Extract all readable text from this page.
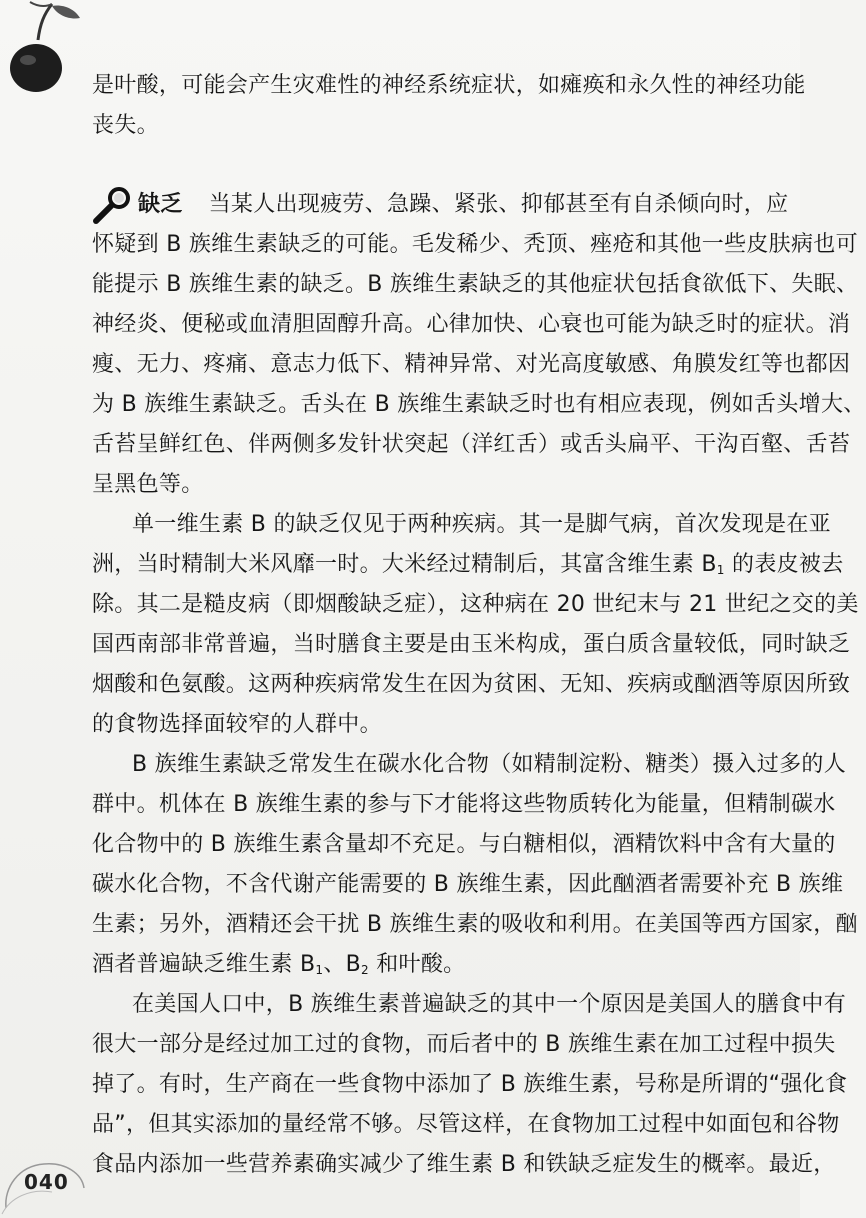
是叶酸，可能会产生灾难性的神经系统症状，如瘫痪和永久性的神经功能
丧失。
缺乏 当某人出现疲劳、急躁、紧张、抑郁甚至有自杀倾向时，应
怀疑到 B 族维生素缺乏的可能。毛发稀少、秃顶、痤疮和其他一些皮肤病也可
能提示 B 族维生素的缺乏。B 族维生素缺乏的其他症状包括食欲低下、失眠、
神经炎、便秘或血清胆固醇升高。心律加快、心衰也可能为缺乏时的症状。消
瘦、无力、疼痛、意志力低下、精神异常、对光高度敏感、角膜发红等也都因
为 B 族维生素缺乏。舌头在 B 族维生素缺乏时也有相应表现，例如舌头增大、
舌苔呈鲜红色、伴两侧多发针状突起（洋红舌）或舌头扁平、干沟百壑、舌苔
呈黑色等。
单一维生素 B 的缺乏仅见于两种疾病。其一是脚气病，首次发现是在亚
洲，当时精制大米风靡一时。大米经过精制后，其富含维生素 $B_1$ 的表皮被去
除。其二是糙皮病（即烟酸缺乏症），这种病在 20 世纪末与 21 世纪之交的美
国西南部非常普遍，当时膳食主要是由玉米构成，蛋白质含量较低，同时缺乏
烟酸和色氨酸。这两种疾病常发生在因为贫困、无知、疾病或酗酒等原因所致
的食物选择面较窄的人群中。
B 族维生素缺乏常发生在碳水化合物（如精制淀粉、糖类）摄入过多的人
群中。机体在 B 族维生素的参与下才能将这些物质转化为能量，但精制碳水
化合物中的 B 族维生素含量却不充足。与白糖相似，酒精饮料中含有大量的
碳水化合物，不含代谢产能需要的 B 族维生素，因此酗酒者需要补充 B 族维
生素；另外，酒精还会干扰 B 族维生素的吸收和利用。在美国等西方国家，酗
酒者普遍缺乏维生素 $B_1$、$B_2$ 和叶酸。
在美国人口中，B 族维生素普遍缺乏的其中一个原因是美国人的膳食中有
很大一部分是经过加工过的食物，而后者中的 B 族维生素在加工过程中损失
掉了。有时，生产商在一些食物中添加了 B 族维生素，号称是所谓的“强化食
品”，但其实添加的量经常不够。尽管这样，在食物加工过程中如面包和谷物
食品内添加一些营养素确实减少了维生素 B 和铁缺乏症发生的概率。最近，
040
